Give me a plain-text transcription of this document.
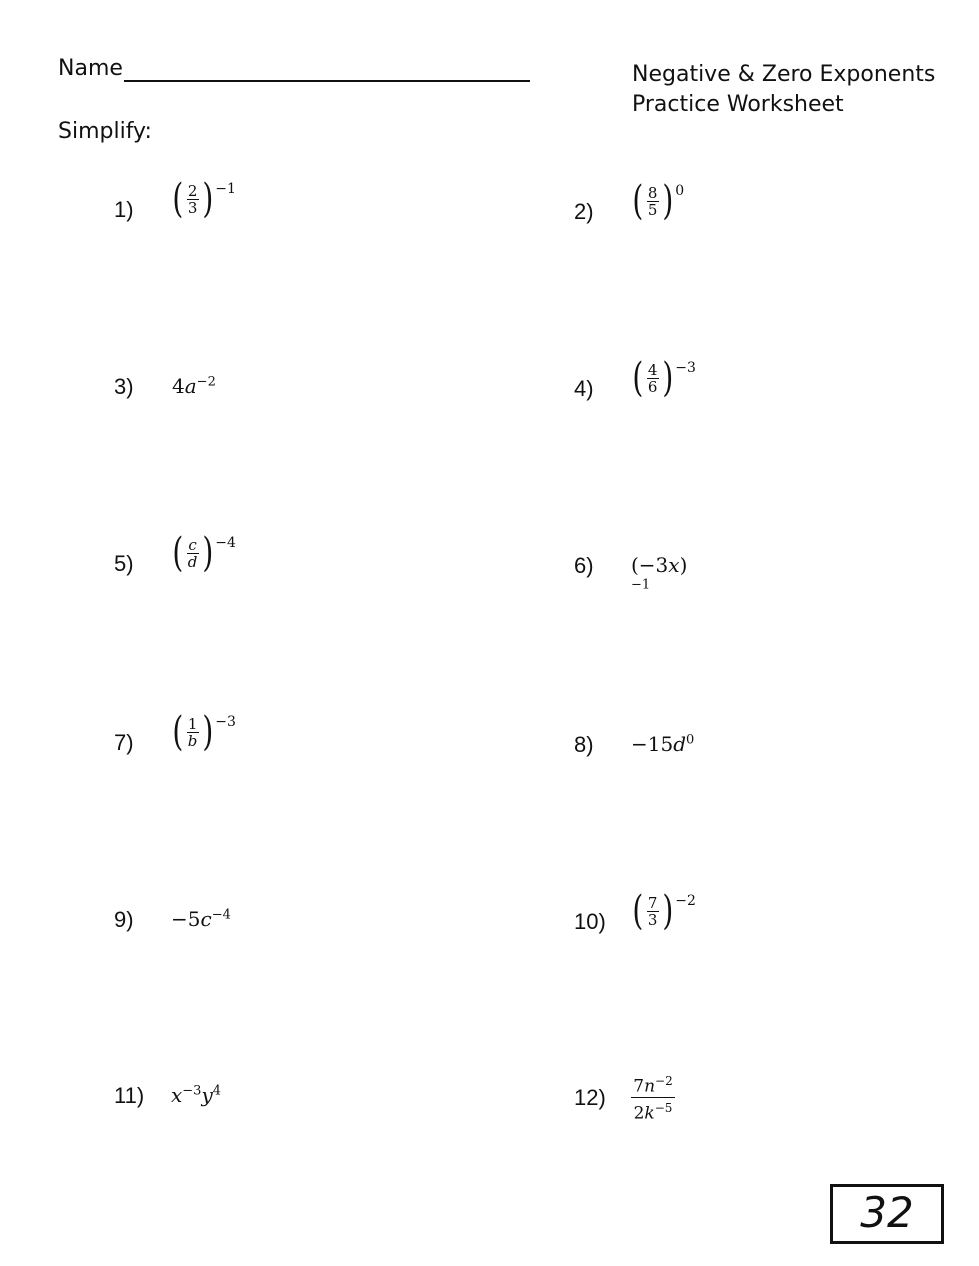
Name	Negative & Zero Exponents
Practice Worksheet
Simplify:
1) ( $\frac{2}{3}$ ) −1
2) ( $\frac{8}{5}$ ) 0
3) $4a^{-2}$	4) ( $\frac{4}{6}$ ) −3
5) ( $\frac{c}{d}$ ) −4
6) $(-3x)^{-1}$
7) ( $\frac{1}{b}$ ) −3
$8) -15d^0$
$9) -5c^{-4}$	10) ( $\frac{7}{3}$ ) −2
11) $x^{-3}y^4$	$12) \frac{7n^{-2}}{2k^{-5}}$
32
